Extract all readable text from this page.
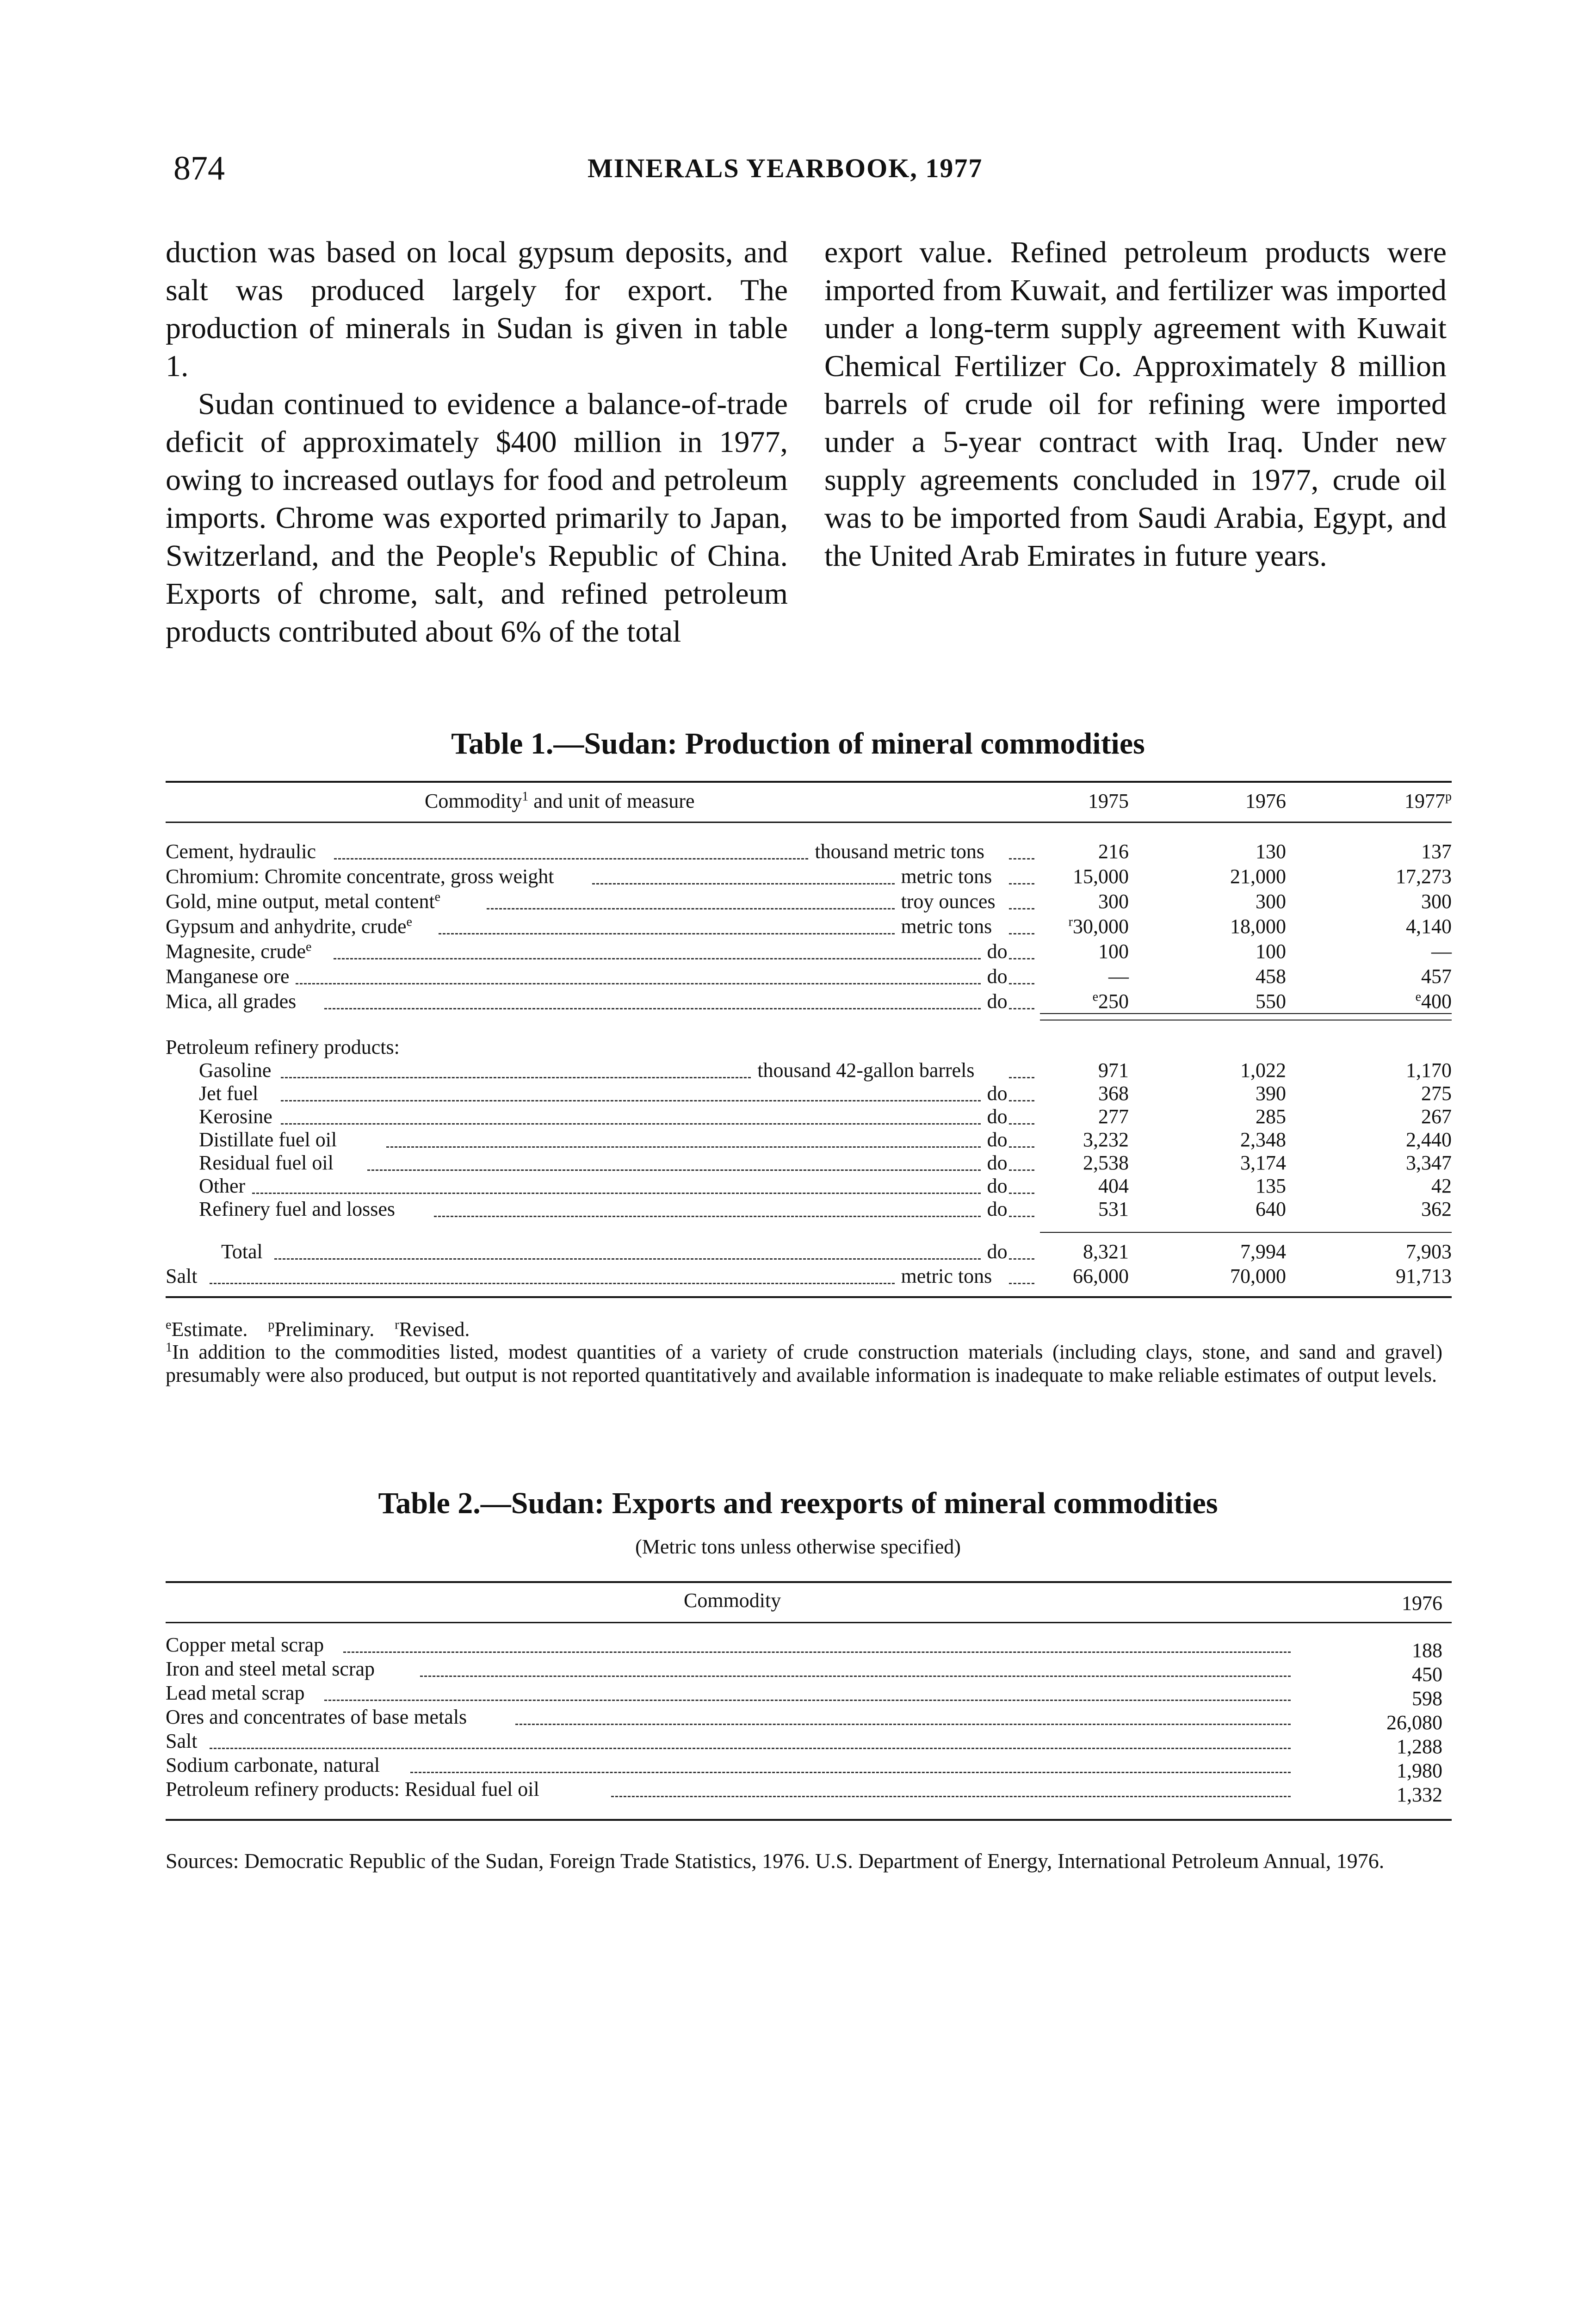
874	MINERALS YEARBOOK, 1977

duction was based on local gypsum deposits, and salt was produced largely for export. The production of minerals in Sudan is given in table 1.

Sudan continued to evidence a balance-of-trade deficit of approximately $400 million in 1977, owing to increased outlays for food and petroleum imports. Chrome was exported primarily to Japan, Switzerland, and the People's Republic of China. Exports of chrome, salt, and refined petroleum products contributed about 6% of the total

export value. Refined petroleum products were imported from Kuwait, and fertilizer was imported under a long-term supply agreement with Kuwait Chemical Fertilizer Co. Approximately 8 million barrels of crude oil for refining were imported under a 5-year contract with Iraq. Under new supply agreements concluded in 1977, crude oil was to be imported from Saudi Arabia, Egypt, and the United Arab Emirates in future years.

Table 1.—Sudan: Production of mineral commodities
Commodity$^1$ and unit of measure	1975	1976	1977$^p$
Cement, hydraulic	thousand metric tons	216	130	137
Chromium: Chromite concentrate, gross weight	metric tons	15,000	21,000	17,273
Gold, mine output, metal content$^e$	troy ounces	300	300	300
Gypsum and anhydrite, crude$^e$	metric tons	$^r$30,000	18,000	4,140
Magnesite, crude$^e$	do	100	100	—
Manganese ore	do	—	458	457
Mica, all grades	do	$^e$250	550	$^e$400
Petroleum refinery products:
Gasoline	thousand 42-gallon barrels	971	1,022	1,170
Jet fuel	do	368	390	275
Kerosine	do	277	285	267
Distillate fuel oil	do	3,232	2,348	2,440
Residual fuel oil	do	2,538	3,174	3,347
Other	do	404	135	42
Refinery fuel and losses	do	531	640	362
Total	do	8,321	7,994	7,903
Salt	metric tons	66,000	70,000	91,713
$^e$Estimate. $^p$Preliminary. $^r$Revised.
$^1$In addition to the commodities listed, modest quantities of a variety of crude construction materials (including clays, stone, and sand and gravel) presumably were also produced, but output is not reported quantitatively and available information is inadequate to make reliable estimates of output levels.
Table 2.—Sudan: Exports and reexports of mineral commodities
(Metric tons unless otherwise specified)
Commodity	1976
Copper metal scrap	188
Iron and steel metal scrap	450
Lead metal scrap	598
Ores and concentrates of base metals	26,080
Salt	1,288
Sodium carbonate, natural	1,980
Petroleum refinery products: Residual fuel oil	1,332
Sources: Democratic Republic of the Sudan, Foreign Trade Statistics, 1976. U.S. Department of Energy, International Petroleum Annual, 1976.
